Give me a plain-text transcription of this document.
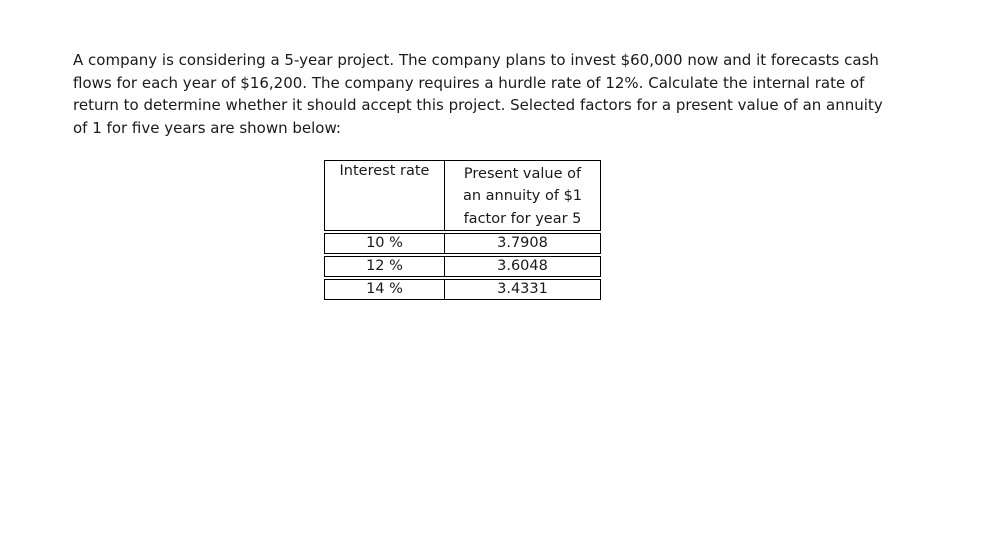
A company is considering a 5-year project. The company plans to invest $60,000 now and it forecasts cash
flows for each year of $16,200. The company requires a hurdle rate of 12%. Calculate the internal rate of
return to determine whether it should accept this project. Selected factors for a present value of an annuity
of 1 for five years are shown below:
Interest rate	Present value of
an annuity of $1
factor for year 5

10 %	3.7908

12 %	3.6048

14 %	3.4331
